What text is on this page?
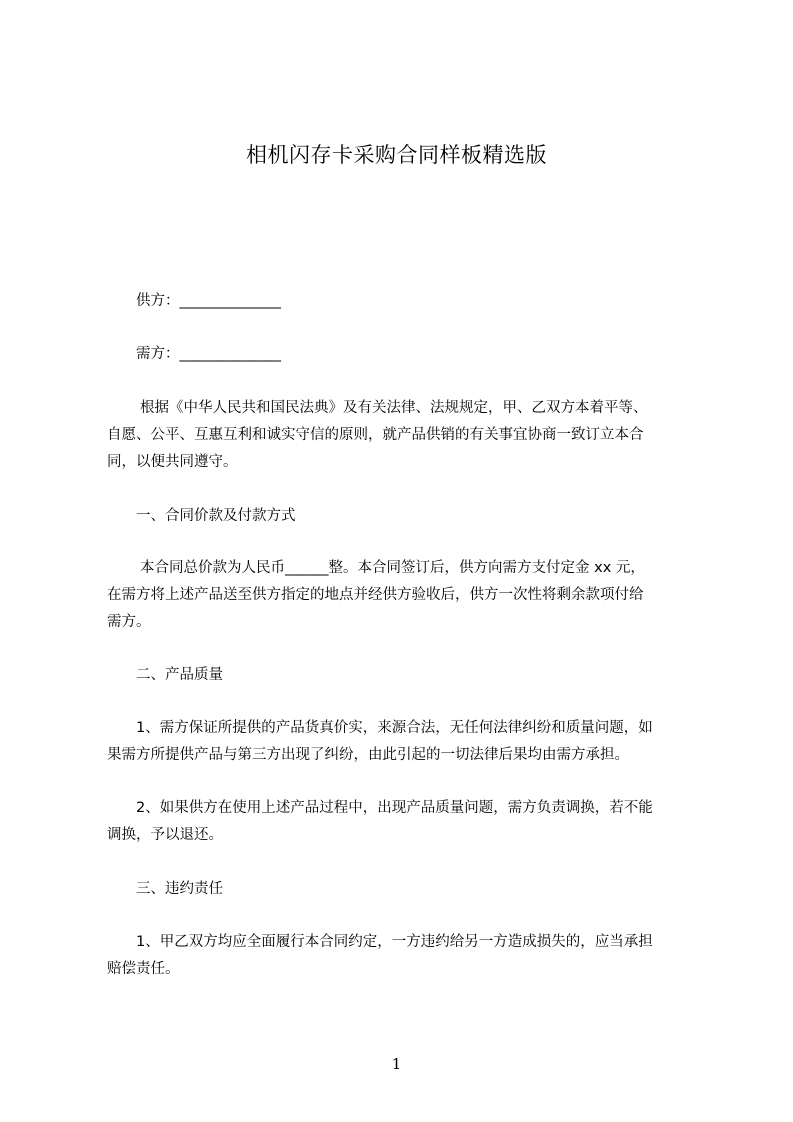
相机闪存卡采购合同样板精选版
供方：______________
需方：______________
根据《中华人民共和国民法典》及有关法律、法规规定，甲、乙双方本着平等、
自愿、公平、互惠互利和诚实守信的原则，就产品供销的有关事宜协商一致订立本合
同，以便共同遵守。
一、合同价款及付款方式
本合同总价款为人民币______整。本合同签订后，供方向需方支付定金 xx 元，
在需方将上述产品送至供方指定的地点并经供方验收后，供方一次性将剩余款项付给
需方。
二、产品质量
1、需方保证所提供的产品货真价实，来源合法，无任何法律纠纷和质量问题，如
果需方所提供产品与第三方出现了纠纷，由此引起的一切法律后果均由需方承担。
2、如果供方在使用上述产品过程中，出现产品质量问题，需方负责调换，若不能
调换，予以退还。
三、违约责任
1、甲乙双方均应全面履行本合同约定，一方违约给另一方造成损失的，应当承担
赔偿责任。
1
